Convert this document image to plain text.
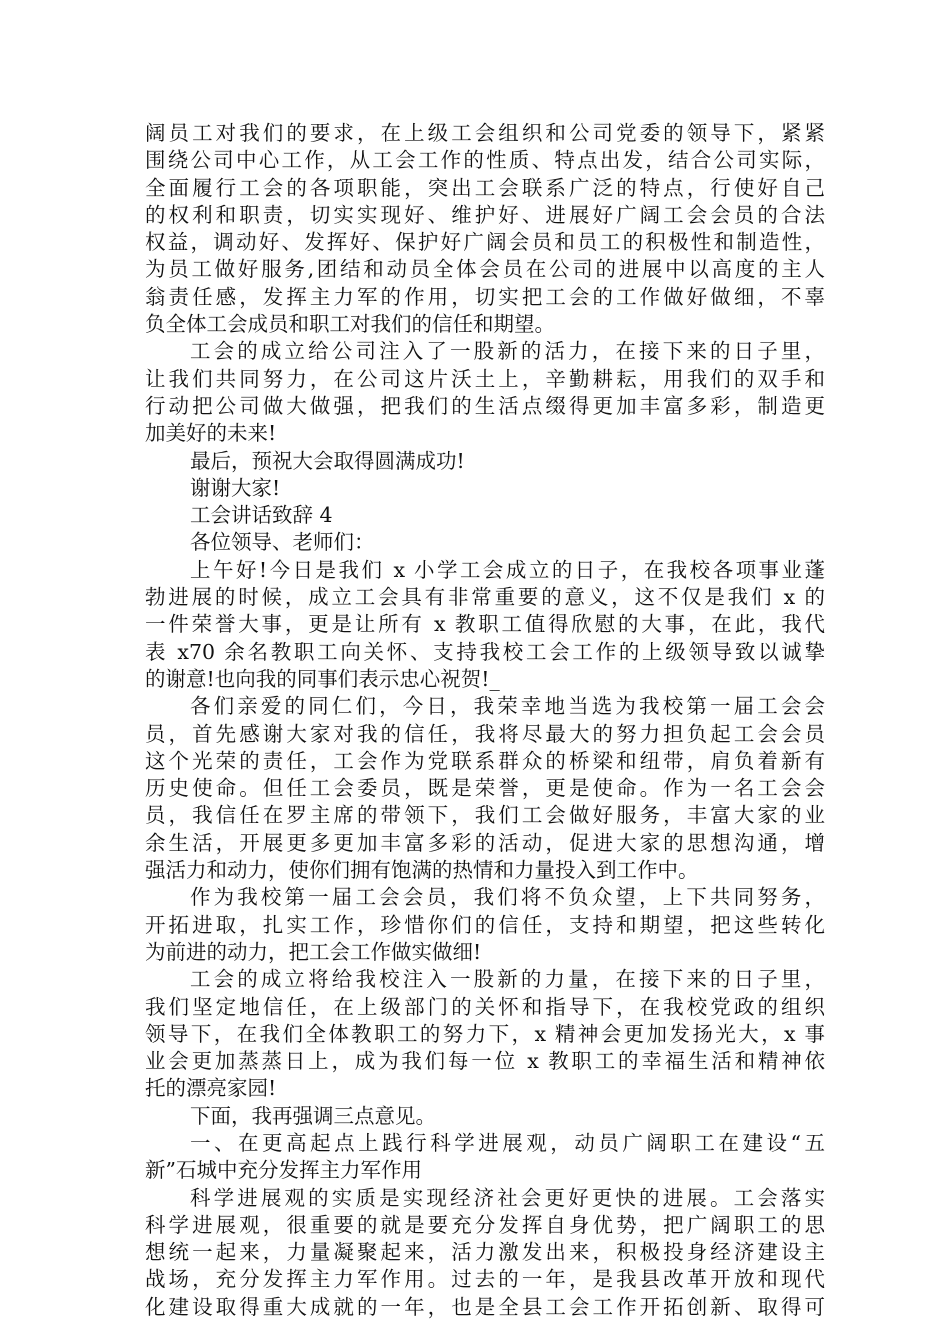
阔员工对我们的要求，在上级工会组织和公司党委的领导下，紧紧
围绕公司中心工作，从工会工作的性质、特点出发，结合公司实际，
全面履行工会的各项职能，突出工会联系广泛的特点，行使好自己
的权利和职责，切实实现好、维护好、进展好广阔工会会员的合法
权益，调动好、发挥好、保护好广阔会员和员工的积极性和制造性，
为员工做好服务,团结和动员全体会员在公司的进展中以高度的主人
翁责任感，发挥主力军的作用，切实把工会的工作做好做细，不辜
负全体工会成员和职工对我们的信任和期望。
工会的成立给公司注入了一股新的活力，在接下来的日子里，
让我们共同努力，在公司这片沃土上，辛勤耕耘，用我们的双手和
行动把公司做大做强，把我们的生活点缀得更加丰富多彩，制造更
加美好的未来!
最后，预祝大会取得圆满成功!
谢谢大家!
工会讲话致辞 4
各位领导、老师们：
上午好!今日是我们 x 小学工会成立的日子，在我校各项事业蓬
勃进展的时候，成立工会具有非常重要的意义，这不仅是我们 x 的
一件荣誉大事，更是让所有 x 教职工值得欣慰的大事，在此，我代
表 x70 余名教职工向关怀、支持我校工会工作的上级领导致以诚挚
的谢意!也向我的同事们表示忠心祝贺!_
各们亲爱的同仁们，今日，我荣幸地当选为我校第一届工会会
员，首先感谢大家对我的信任，我将尽最大的努力担负起工会会员
这个光荣的责任，工会作为党联系群众的桥梁和纽带，肩负着新有
历史使命。但任工会委员，既是荣誉，更是使命。作为一名工会会
员，我信任在罗主席的带领下，我们工会做好服务，丰富大家的业
余生活，开展更多更加丰富多彩的活动，促进大家的思想沟通，增
强活力和动力，使你们拥有饱满的热情和力量投入到工作中。
作为我校第一届工会会员，我们将不负众望，上下共同努务，
开拓进取，扎实工作，珍惜你们的信任，支持和期望，把这些转化
为前进的动力，把工会工作做实做细!
工会的成立将给我校注入一股新的力量，在接下来的日子里，
我们坚定地信任，在上级部门的关怀和指导下，在我校党政的组织
领导下，在我们全体教职工的努力下，x 精神会更加发扬光大，x 事
业会更加蒸蒸日上，成为我们每一位 x 教职工的幸福生活和精神依
托的漂亮家园!
下面，我再强调三点意见。
一、在更高起点上践行科学进展观，动员广阔职工在建设“五
新”石城中充分发挥主力军作用
科学进展观的实质是实现经济社会更好更快的进展。工会落实
科学进展观，很重要的就是要充分发挥自身优势，把广阔职工的思
想统一起来，力量凝聚起来，活力激发出来，积极投身经济建设主
战场，充分发挥主力军作用。过去的一年，是我县改革开放和现代
化建设取得重大成就的一年，也是全县工会工作开拓创新、取得可
